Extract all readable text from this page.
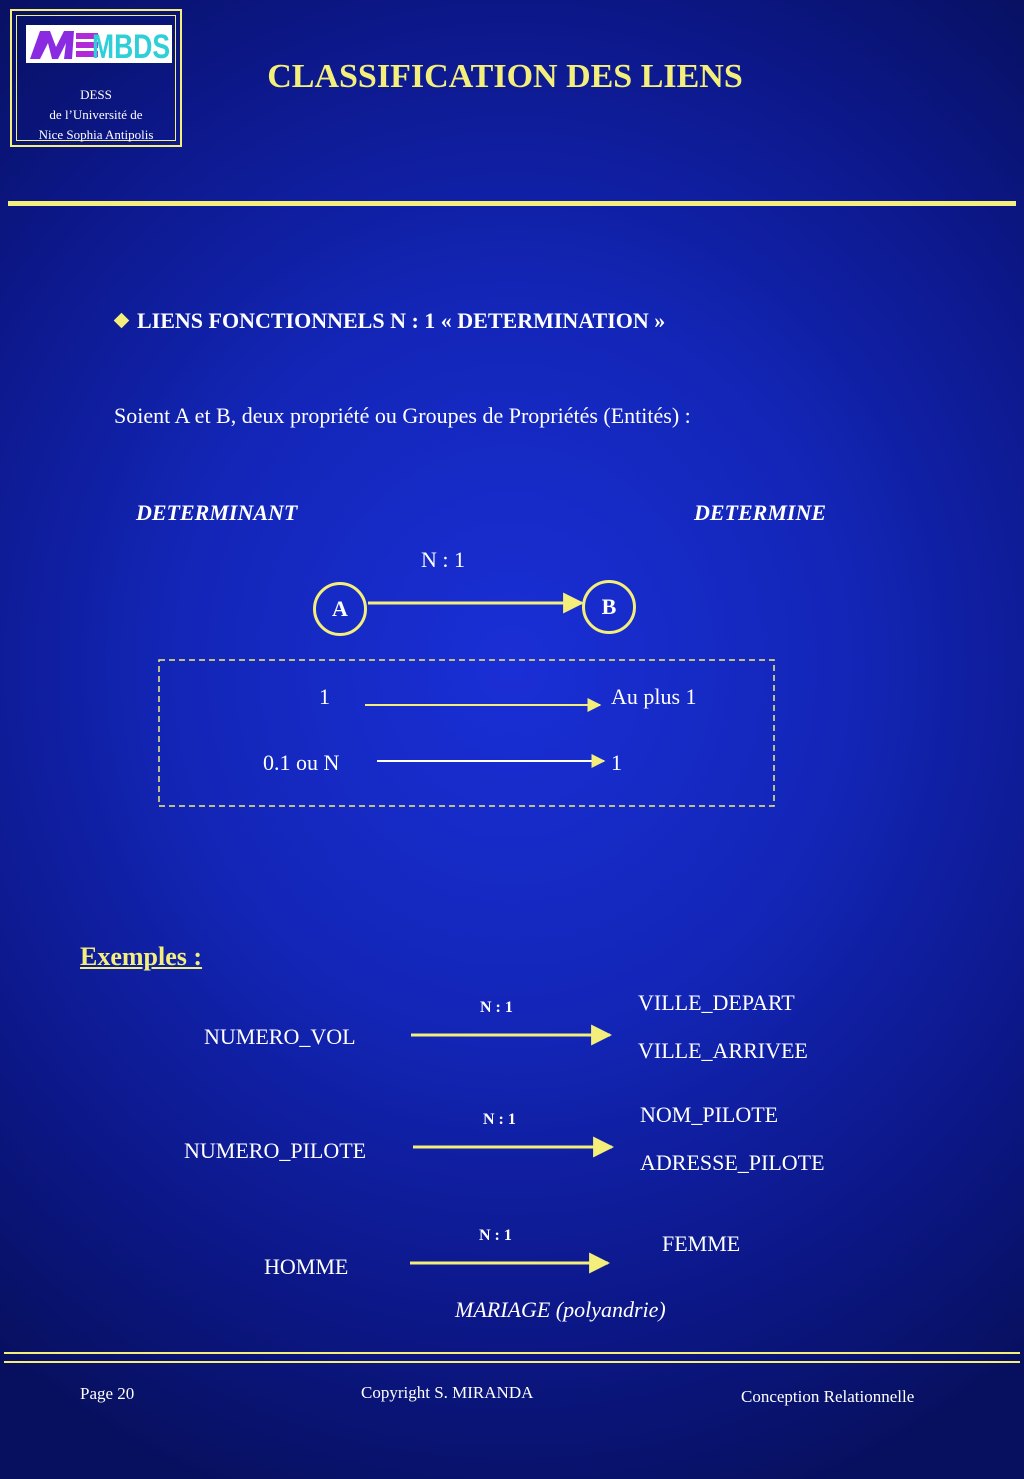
MBDS
DESS
de l’Université de
Nice Sophia Antipolis
CLASSIFICATION DES LIENS
LIENS FONCTIONNELS N : 1 « DETERMINATION »
Soient A et B, deux propriété ou Groupes de Propriétés (Entités) :
DETERMINANT	DETERMINE
N : 1
A	B
1	Au plus 1
0.1 ou N	1
Exemples :
N : 1
NUMERO_VOL
VILLE_DEPART
VILLE_ARRIVEE
N : 1
NUMERO_PILOTE
NOM_PILOTE
ADRESSE_PILOTE
N : 1
HOMME
FEMME
MARIAGE (polyandrie)
Page 20	Copyright S. MIRANDA	Conception Relationnelle
